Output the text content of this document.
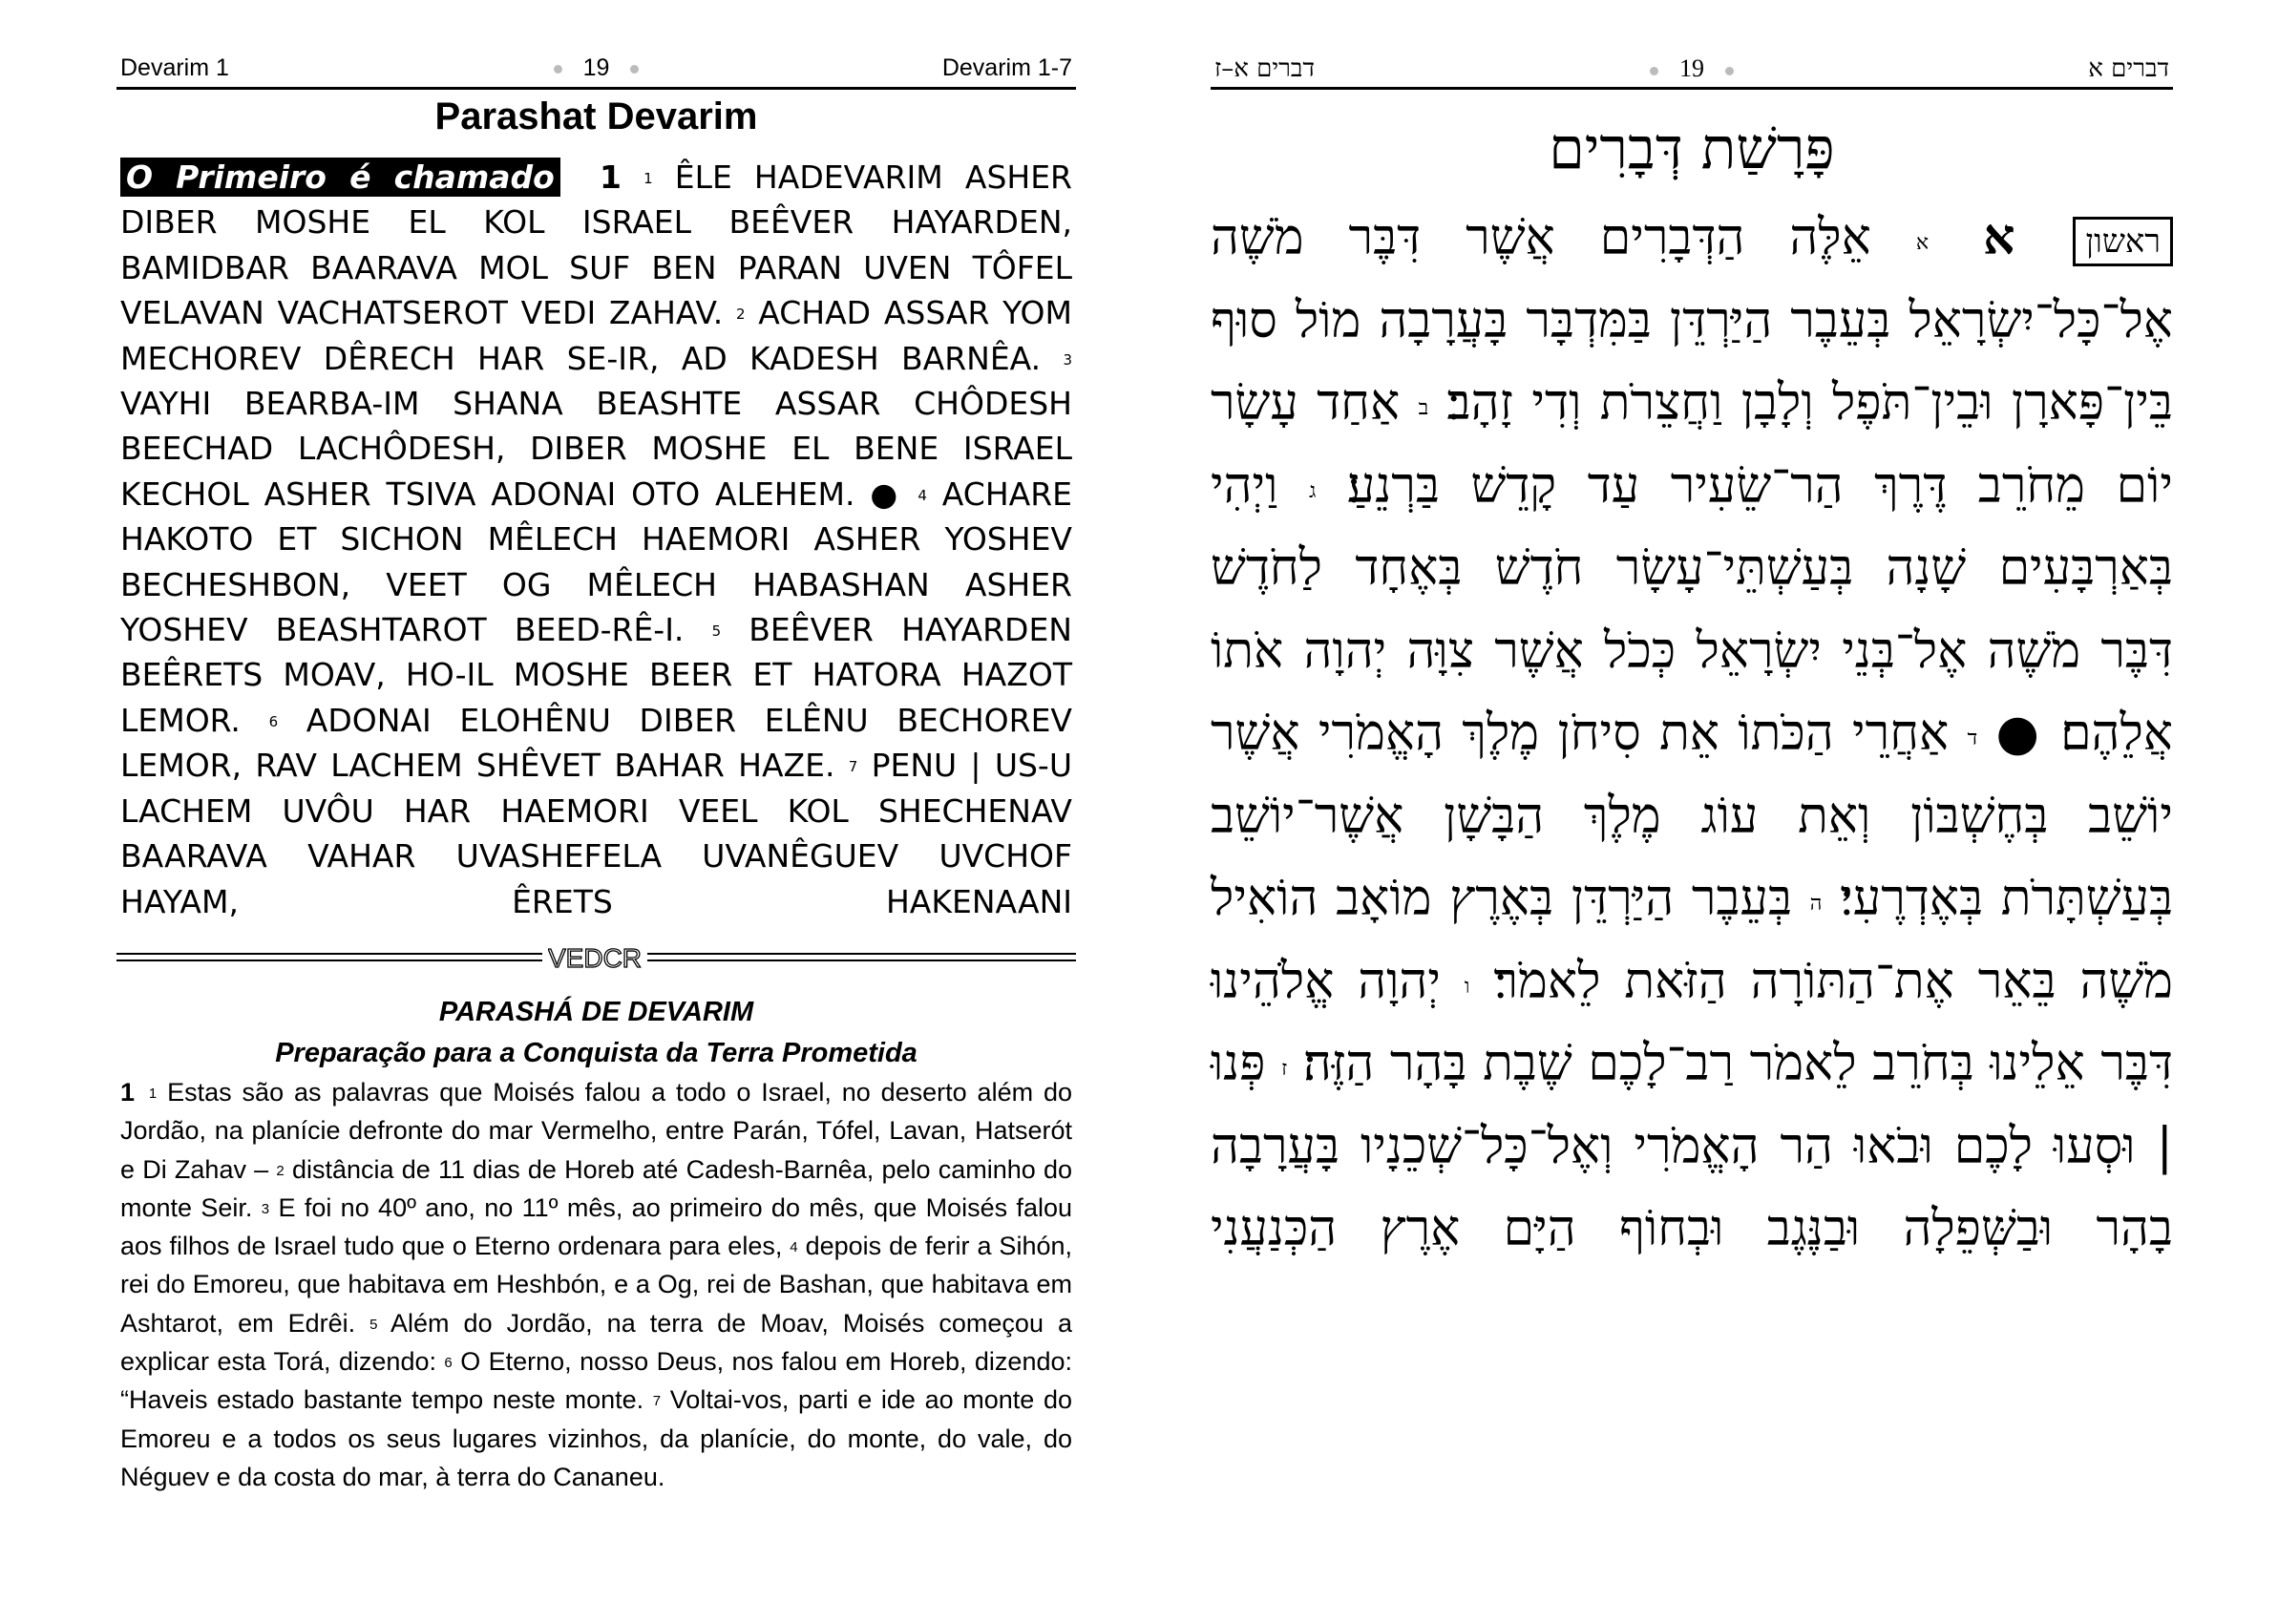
Devarim 1	19	Devarim 1-7
Parashat Devarim
O Primeiro é chamado 1 $^1$ ÊLE HADEVARIM ASHER DIBER MOSHE EL KOL ISRAEL BEÊVER HAYARDEN, BAMIDBAR BAARAVA MOL SUF BEN PARAN UVEN TÔFEL VELAVAN VACHATSEROT VEDI ZAHAV. $^2$ ACHAD ASSAR YOM MECHOREV DÊRECH HAR SE-IR, AD KADESH BARNÊA. $^3$ VAYHI BEARBA-IM SHANA BEASHTE ASSAR CHÔDESH BEECHAD LACHÔDESH, DIBER MOSHE EL BENE ISRAEL KECHOL ASHER TSIVA ADONAI OTO ALEHEM. ● $^4$ ACHARE HAKOTO ET SICHON MÊLECH HAEMORI ASHER YOSHEV BECHESHBON, VEET OG MÊLECH HABASHAN ASHER YOSHEV BEASHTAROT BEED-RÊ-I. $^5$ BEÊVER HAYARDEN BEÊRETS MOAV, HO-IL MOSHE BEER ET HATORA HAZOT LEMOR. $^6$ ADONAI ELOHÊNU DIBER ELÊNU BECHOREV LEMOR, RAV LACHEM SHÊVET BAHAR HAZE. $^7$ PENU | US-U LACHEM UVÔU HAR HAEMORI VEEL KOL SHECHENAV BAARAVA VAHAR UVASHEFELA UVANÊGUEV UVCHOF HAYAM, ÊRETS HAKENAANI
VEDCR
PARASHÁ DE DEVARIM
Preparação para a Conquista da Terra Prometida
1 $^1$ Estas são as palavras que Moisés falou a todo o Israel, no deserto além do Jordão, na planície defronte do mar Vermelho, entre Parán, Tófel, Lavan, Hatserót e Di Zahav – $^2$ distância de 11 dias de Horeb até Cadesh-Barnêa, pelo caminho do monte Seir. $^3$ E foi no 40º ano, no 11º mês, ao primeiro do mês, que Moisés falou aos filhos de Israel tudo que o Eterno ordenara para eles, $^4$ depois de ferir a Sihón, rei do Emoreu, que habitava em Heshbón, e a Og, rei de Bashan, que habitava em Ashtarot, em Edrêi. $^5$ Além do Jordão, na terra de Moav, Moisés começou a explicar esta Torá, dizendo: $^6$ O Eterno, nosso Deus, nos falou em Horeb, dizendo: “Haveis estado bastante tempo neste monte. $^7$ Voltai-vos, parti e ide ao monte do Emoreu e a todos os seus lugares vizinhos, da planície, do monte, do vale, do Néguev e da costa do mar, à terra do Cananeu.
דברים א
19
דברים א–ז
פָּרָשַׁת דְּבָרִים
ראשון א $^א$ אֵלֶּה הַדְּבָרִים אֲשֶׁר דִּבֶּר מֹשֶׁה אֶל־כָּל־יִשְׂרָאֵל בְּעֵבֶר הַיַּרְדֵּן בַּמִּדְבָּר בָּעֲרָבָה מוֹל סוּף בֵּין־פָּארָן וּבֵין־תֹּפֶל וְלָבָן וַחֲצֵרֹת וְדִי זָהָב׃ $^ב$ אַחַד עָשָׂר יוֹם מֵחֹרֵב דֶּרֶךְ הַר־שֵׂעִיר עַד קָדֵשׁ בַּרְנֵעַ׃ $^ג$ וַיְהִי בְּאַרְבָּעִים שָׁנָה בְּעַשְׁתֵּי־עָשָׂר חֹדֶשׁ בְּאֶחָד לַחֹדֶשׁ דִּבֶּר מֹשֶׁה אֶל־בְּנֵי יִשְׂרָאֵל כְּכֹל אֲשֶׁר צִוָּה יְהוָה אֹתוֹ אֲלֵהֶם׃ ● $^ד$ אַחֲרֵי הַכֹּתוֹ אֵת סִיחֹן מֶלֶךְ הָאֱמֹרִי אֲשֶׁר יוֹשֵׁב בְּחֶשְׁבּוֹן וְאֵת עוֹג מֶלֶךְ הַבָּשָׁן אֲשֶׁר־יוֹשֵׁב בְּעַשְׁתָּרֹת בְּאֶדְרֶעִי׃ $^ה$ בְּעֵבֶר הַיַּרְדֵּן בְּאֶרֶץ מוֹאָב הוֹאִיל מֹשֶׁה בֵּאֵר אֶת־הַתּוֹרָה הַזֹּאת לֵאמֹר׃ $^ו$ יְהוָה אֱלֹהֵינוּ דִּבֶּר אֵלֵינוּ בְּחֹרֵב לֵאמֹר רַב־לָכֶם שֶׁבֶת בָּהָר הַזֶּה׃ $^ז$ פְּנוּ | וּסְעוּ לָכֶם וּבֹאוּ הַר הָאֱמֹרִי וְאֶל־כָּל־שְׁכֵנָיו בָּעֲרָבָה בָהָר וּבַשְּׁפֵלָה וּבַנֶּגֶב וּבְחוֹף הַיָּם אֶרֶץ הַכְּנַעֲנִי
